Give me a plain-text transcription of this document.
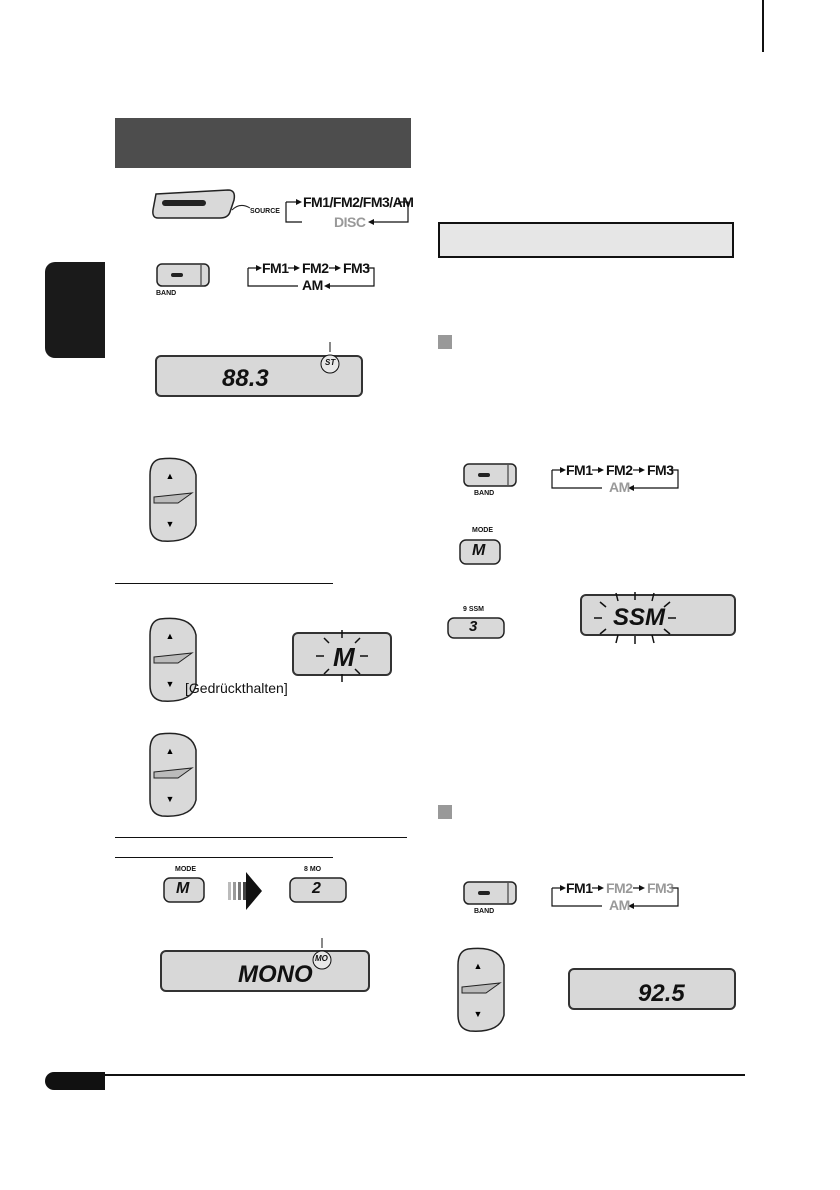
SOURCE
FM1/FM2/FM3/AM
DISC
BAND
FM1 FM2 FM3
AM
88.3
ST
▲
▼
▲
▼ [Gedrückthalten]
M
▲
▼
MODE
M
8 MO
2
MONO
MO
BAND
FM1 FM2 FM3
AM
MODE
M
9 SSM
3	SSM
BAND
FM1 FM2 FM3
AM
▲
▼
92.5
